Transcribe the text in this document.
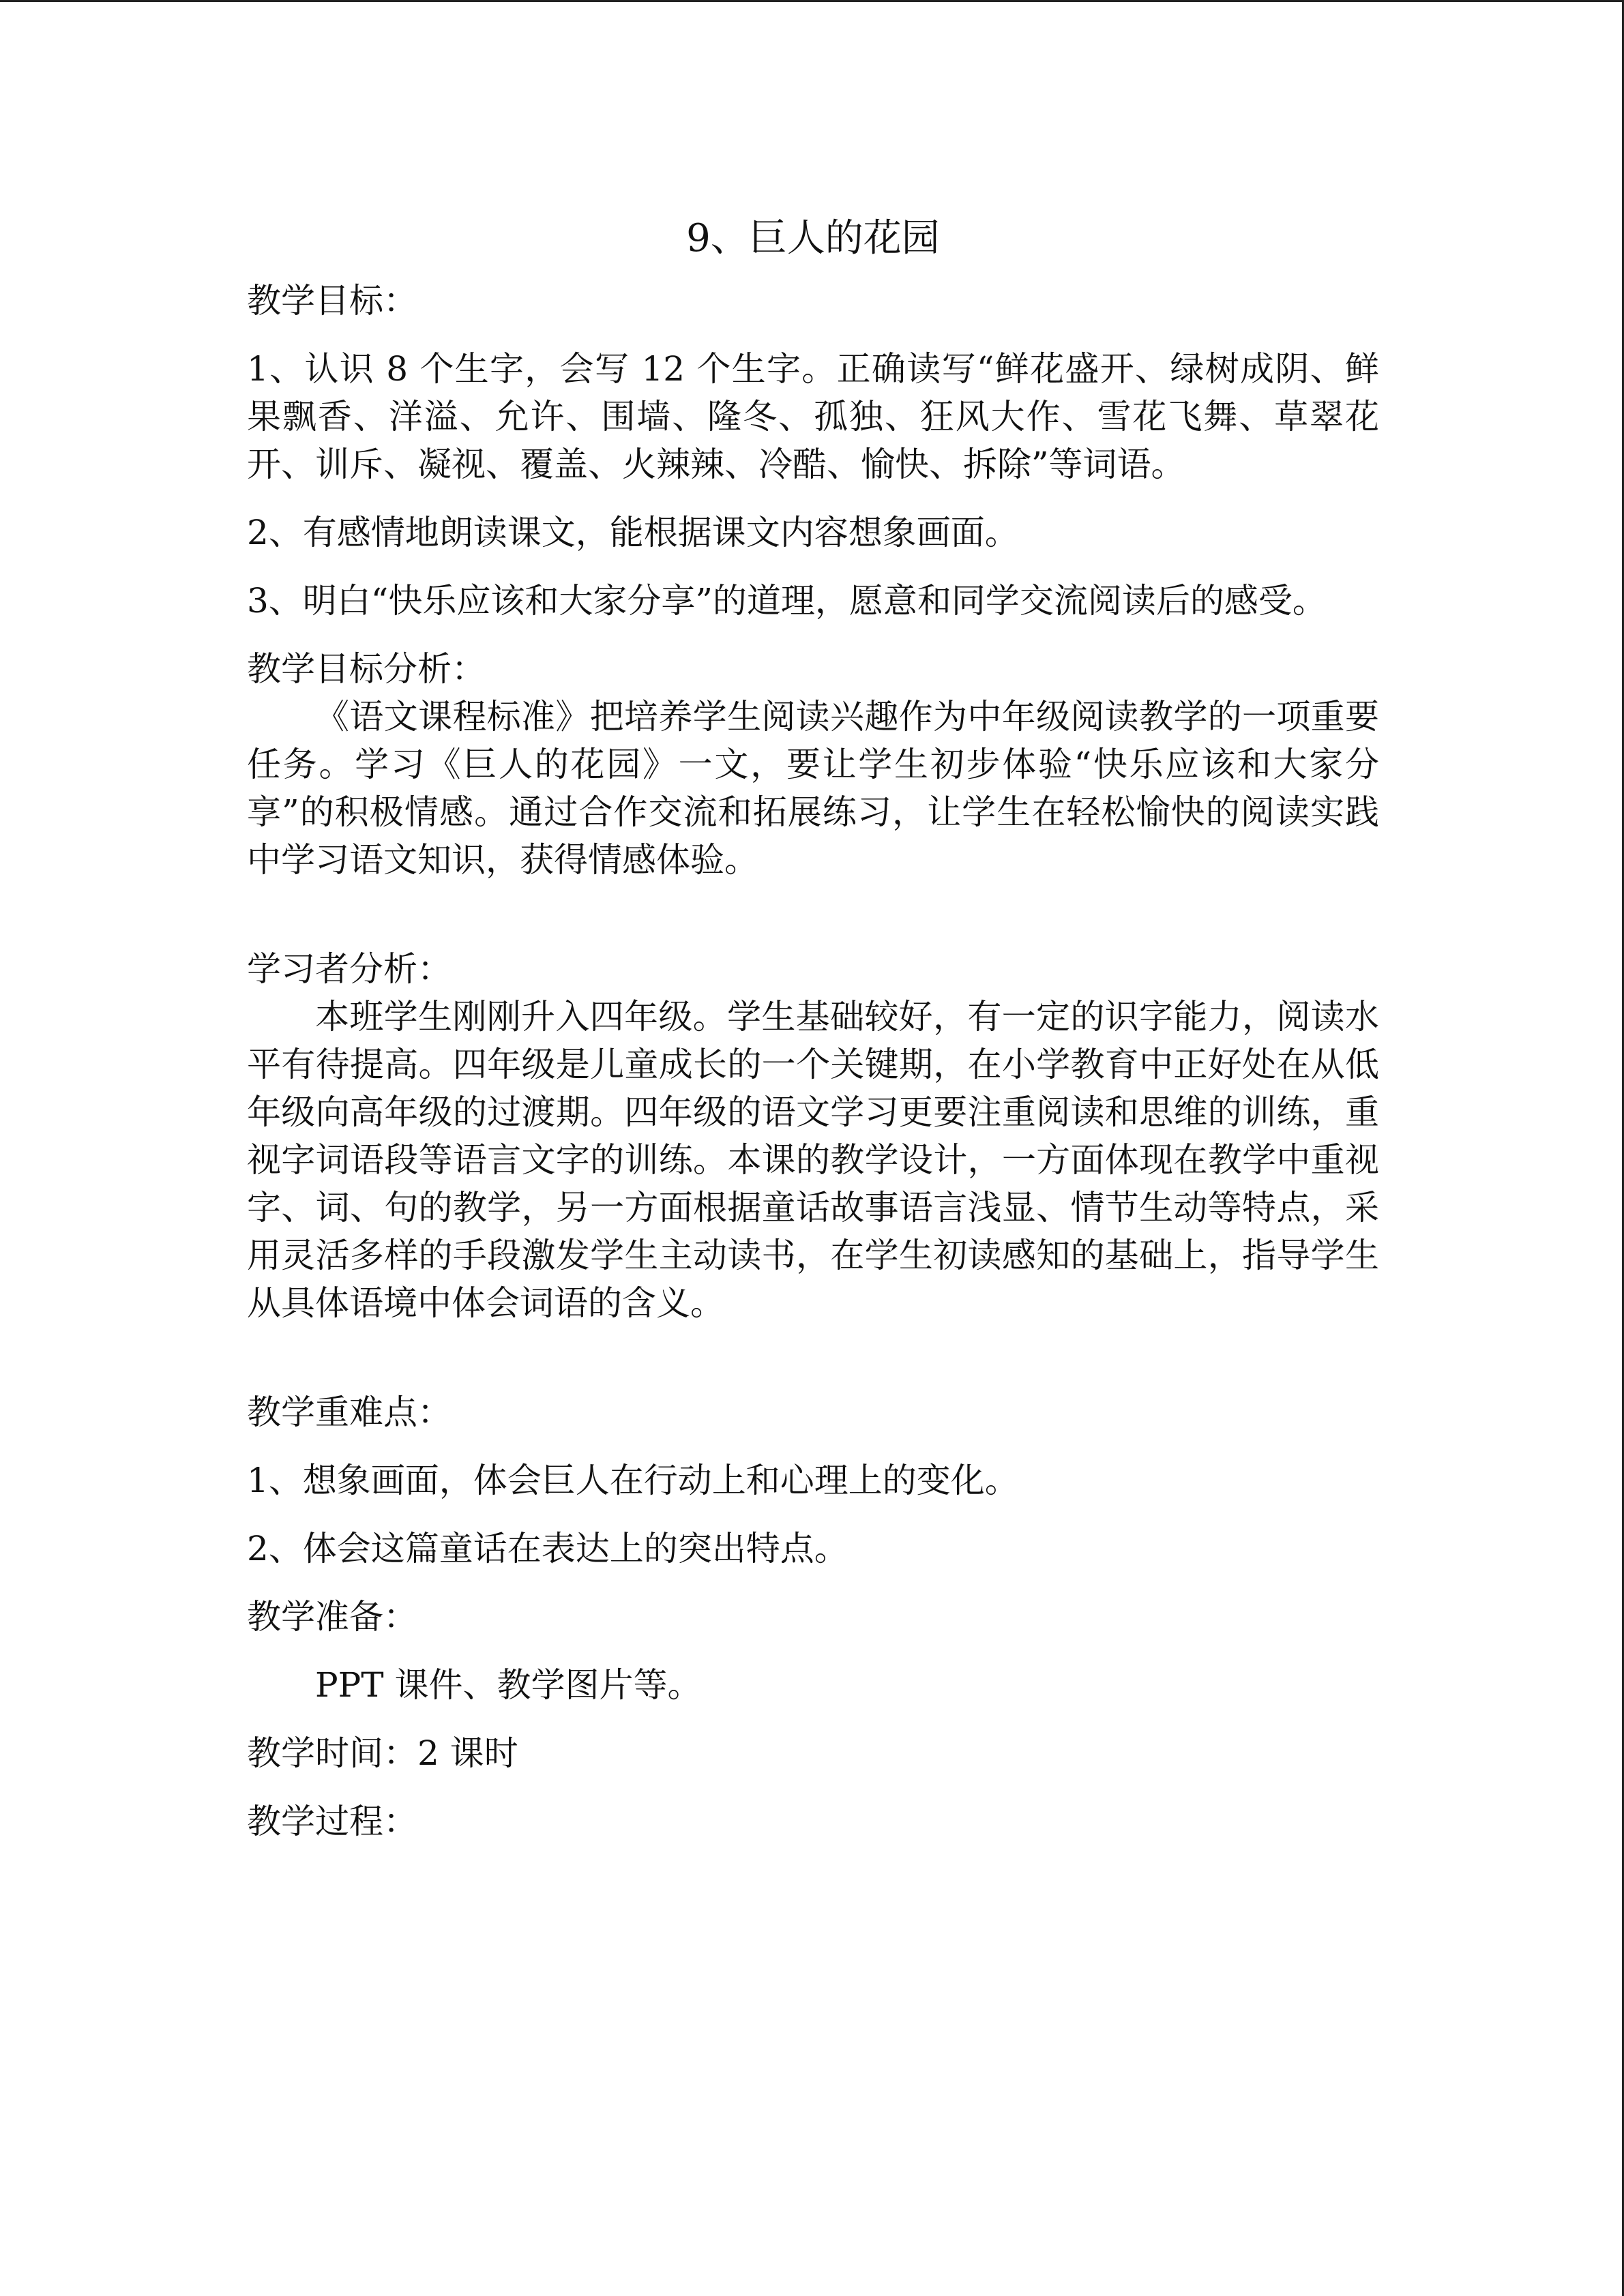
9、巨人的花园
教学目标：
1、认识 8 个生字，会写 12 个生字。正确读写“鲜花盛开、绿树成阴、鲜果飘香、洋溢、允许、围墙、隆冬、孤独、狂风大作、雪花飞舞、草翠花开、训斥、凝视、覆盖、火辣辣、冷酷、愉快、拆除”等词语。
2、有感情地朗读课文，能根据课文内容想象画面。
3、明白“快乐应该和大家分享”的道理，愿意和同学交流阅读后的感受。
教学目标分析：
《语文课程标准》把培养学生阅读兴趣作为中年级阅读教学的一项重要任务。学习《巨人的花园》一文，要让学生初步体验“快乐应该和大家分享”的积极情感。通过合作交流和拓展练习，让学生在轻松愉快的阅读实践中学习语文知识，获得情感体验。
学习者分析：
本班学生刚刚升入四年级。学生基础较好，有一定的识字能力，阅读水平有待提高。四年级是儿童成长的一个关键期，在小学教育中正好处在从低年级向高年级的过渡期。四年级的语文学习更要注重阅读和思维的训练，重视字词语段等语言文字的训练。本课的教学设计，一方面体现在教学中重视字、词、句的教学，另一方面根据童话故事语言浅显、情节生动等特点，采用灵活多样的手段激发学生主动读书，在学生初读感知的基础上，指导学生从具体语境中体会词语的含义。
教学重难点：
1、想象画面，体会巨人在行动上和心理上的变化。
2、体会这篇童话在表达上的突出特点。
教学准备：
PPT 课件、教学图片等。
教学时间：2 课时
教学过程：
